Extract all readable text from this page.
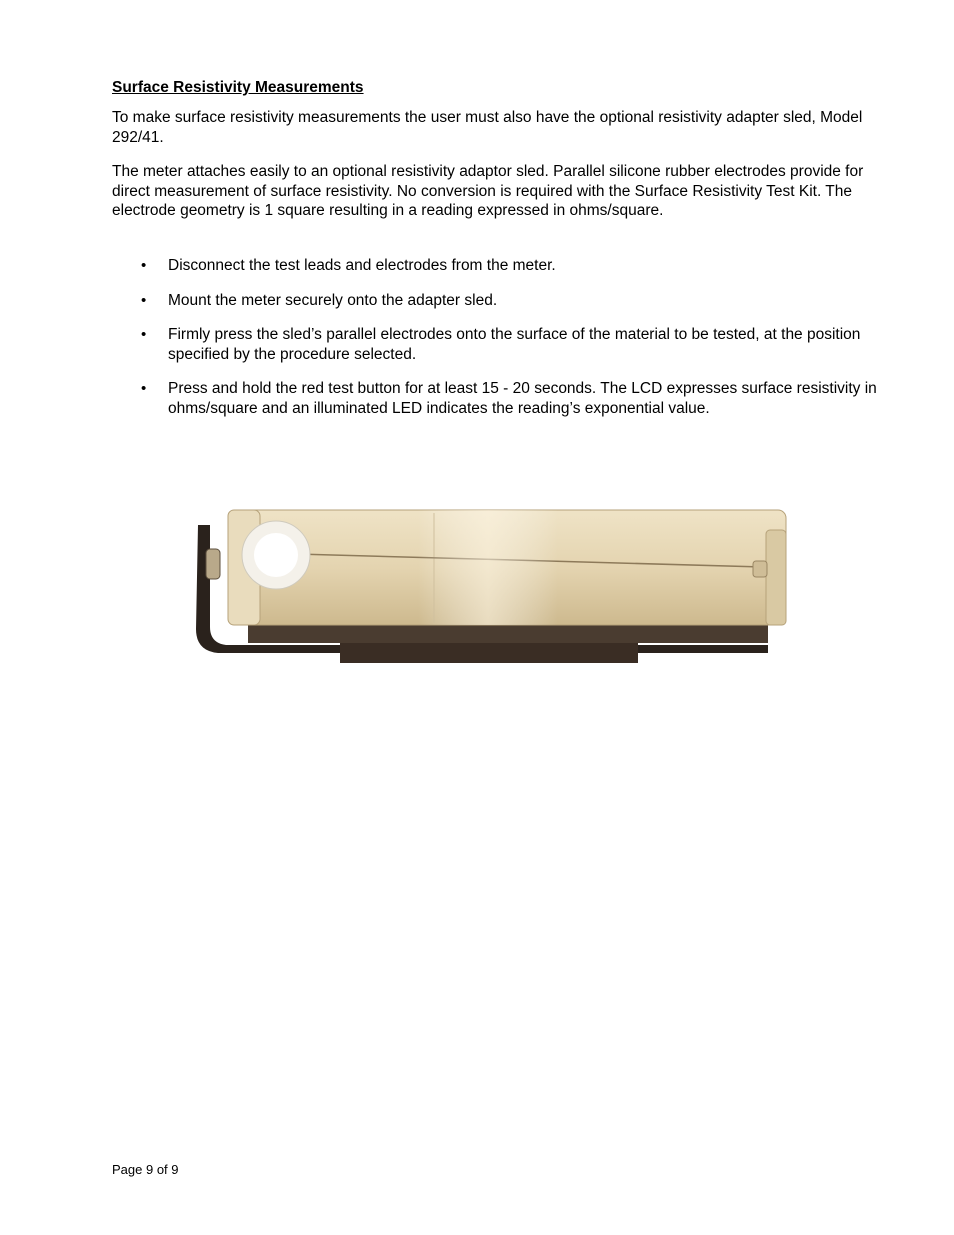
Surface Resistivity Measurements

To make surface resistivity measurements the user must also have the optional resistivity adapter sled, Model 292/41.

The meter attaches easily to an optional resistivity adaptor sled. Parallel silicone rubber electrodes provide for direct measurement of surface resistivity. No conversion is required with the Surface Resistivity Test Kit. The electrode geometry is 1 square resulting in a reading expressed in ohms/square.

• Disconnect the test leads and electrodes from the meter.
• Mount the meter securely onto the adapter sled.
• Firmly press the sled’s parallel electrodes onto the surface of the material to be tested, at the position specified by the procedure selected.
• Press and hold the red test button for at least 15 - 20 seconds. The LCD expresses surface resistivity in ohms/square and an illuminated LED indicates the reading’s exponential value.
Page 9 of 9
